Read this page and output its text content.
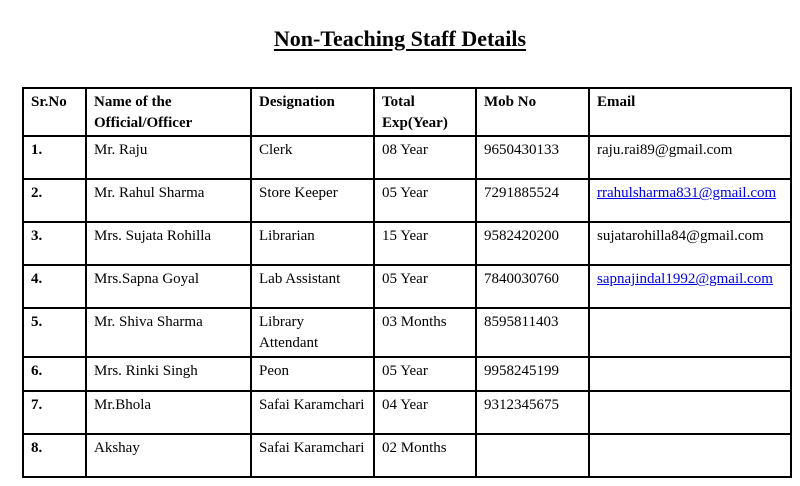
Non-Teaching Staff Details
Sr.No	Name of the Official/Officer	Designation	Total Exp(Year)	Mob No	Email
1.	Mr. Raju	Clerk	08 Year	9650430133	raju.rai89@gmail.com
2.	Mr. Rahul Sharma	Store Keeper	05 Year	7291885524	rrahulsharma831@gmail.com
3.	Mrs. Sujata Rohilla	Librarian	15 Year	9582420200	sujatarohilla84@gmail.com
4.	Mrs.Sapna Goyal	Lab Assistant	05 Year	7840030760	sapnajindal1992@gmail.com
5.	Mr. Shiva Sharma	Library Attendant	03 Months	8595811403	
6.	Mrs. Rinki Singh	Peon	05 Year	9958245199	
7.	Mr.Bhola	Safai Karamchari	04 Year	9312345675	
8.	Akshay	Safai Karamchari	02 Months		
